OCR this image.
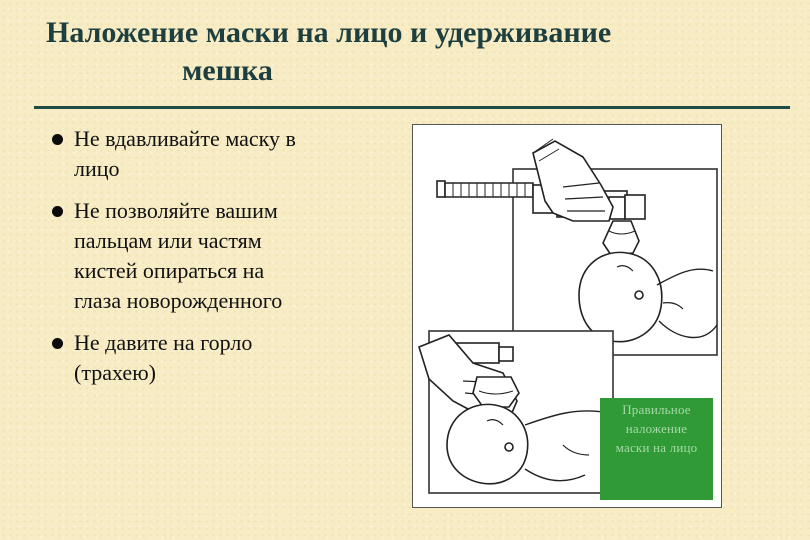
Наложение маски на лицо и удерживание
мешка
Не вдавливайте маску в
лицо
Не позволяйте вашим
пальцам или частям
кистей опираться на
глаза новорожденного
Не давите на горло
(трахею)
Правильное
наложение
маски на лицо
